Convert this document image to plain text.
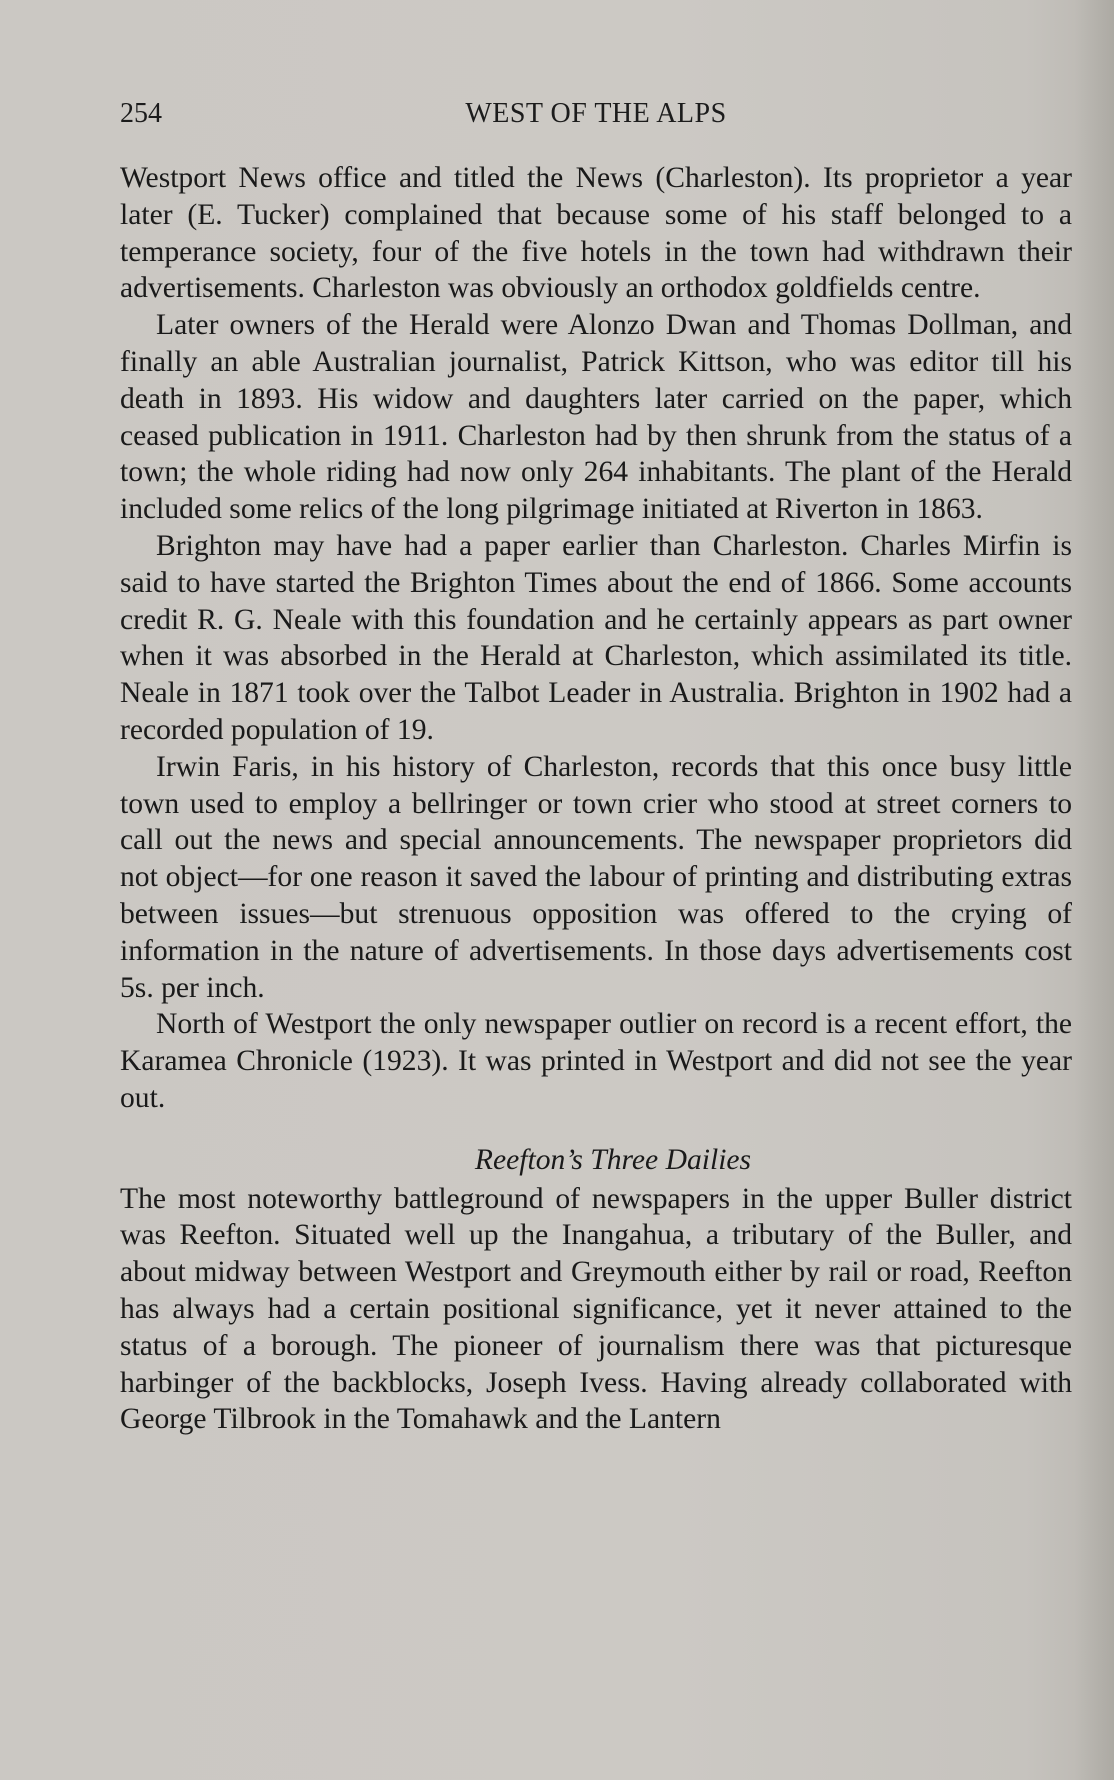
254	WEST OF THE ALPS

Westport News office and titled the News (Charleston). Its proprietor a year later (E. Tucker) complained that because some of his staff belonged to a temperance society, four of the five hotels in the town had withdrawn their advertisements. Charleston was obviously an orthodox goldfields centre.

Later owners of the Herald were Alonzo Dwan and Thomas Dollman, and finally an able Australian journalist, Patrick Kittson, who was editor till his death in 1893. His widow and daughters later carried on the paper, which ceased publication in 1911. Charleston had by then shrunk from the status of a town; the whole riding had now only 264 inhabitants. The plant of the Herald included some relics of the long pilgrimage initiated at Riverton in 1863.

Brighton may have had a paper earlier than Charleston. Charles Mirfin is said to have started the Brighton Times about the end of 1866. Some accounts credit R. G. Neale with this foundation and he certainly appears as part owner when it was absorbed in the Herald at Charleston, which assimilated its title. Neale in 1871 took over the Talbot Leader in Australia. Brighton in 1902 had a recorded population of 19.

Irwin Faris, in his history of Charleston, records that this once busy little town used to employ a bellringer or town crier who stood at street corners to call out the news and special announcements. The newspaper proprietors did not object—for one reason it saved the labour of printing and distributing extras between issues—but strenuous opposition was offered to the crying of information in the nature of advertisements. In those days advertisements cost 5s. per inch.

North of Westport the only newspaper outlier on record is a recent effort, the Karamea Chronicle (1923). It was printed in Westport and did not see the year out.

Reefton’s Three Dailies

The most noteworthy battleground of newspapers in the upper Buller district was Reefton. Situated well up the Inangahua, a tributary of the Buller, and about midway between Westport and Greymouth either by rail or road, Reefton has always had a certain positional significance, yet it never attained to the status of a borough. The pioneer of journalism there was that picturesque harbinger of the backblocks, Joseph Ivess. Having already collaborated with George Tilbrook in the Tomahawk and the Lantern
